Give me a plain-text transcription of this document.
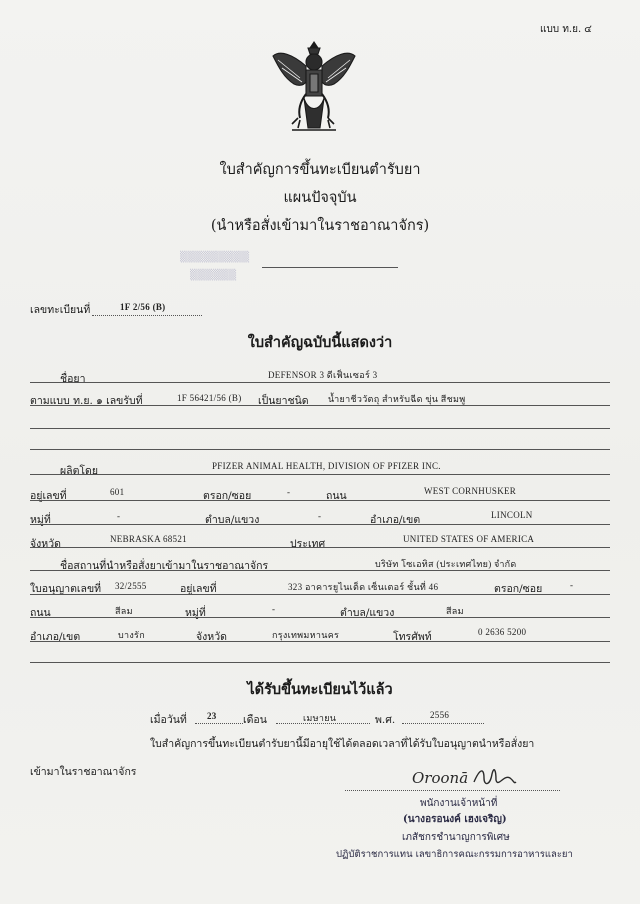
แบบ ท.ย. ๔
ใบสำคัญการขึ้นทะเบียนตำรับยา
แผนปัจจุบัน
(นำหรือสั่งเข้ามาในราชอาณาจักร)
▒▒▒▒▒▒▒▒▒
▒▒▒▒▒▒
เลขทะเบียนที่	1F 2/56 (B)
ใบสำคัญฉบับนี้แสดงว่า
ชื่อยา	DEFENSOR 3 ดีเฟ็นเซอร์ 3
ตามแบบ ท.ย. ๑ เลขรับที่	1F 56421/56 (B) เป็นยาชนิด น้ำยาชีววัตถุ สำหรับฉีด ขุ่น สีชมพู
ผลิตโดย	PFIZER ANIMAL HEALTH, DIVISION OF PFIZER INC.
อยู่เลขที่	601	ตรอก/ซอย	-	ถนน	WEST CORNHUSKER
หมู่ที่	-	ตำบล/แขวง	-	อำเภอ/เขต	LINCOLN
จังหวัด	NEBRASKA 68521	ประเทศ	UNITED STATES OF AMERICA
ชื่อสถานที่นำหรือสั่งยาเข้ามาในราชอาณาจักร	บริษัท โซเอทิส (ประเทศไทย) จำกัด
ใบอนุญาตเลขที่ 32/2555	อยู่เลขที่	323 อาคารยูไนเต็ด เซ็นเตอร์ ชั้นที่ 46	ตรอก/ซอย	-
ถนน	สีลม	หมู่ที่	-	ตำบล/แขวง	สีลม
อำเภอ/เขต	บางรัก	จังหวัด	กรุงเทพมหานคร	โทรศัพท์	0 2636 5200
ได้รับขึ้นทะเบียนไว้แล้ว
เมื่อวันที่ 23	เดือน	เมษายน	พ.ศ.	2556
ใบสำคัญการขึ้นทะเบียนตำรับยานี้มีอายุใช้ได้ตลอดเวลาที่ได้รับใบอนุญาตนำหรือสั่งยา
เข้ามาในราชอาณาจักร	Oroonā
พนักงานเจ้าหน้าที่
(นางอรอนงค์ เฮงเจริญ)
เภสัชกรชำนาญการพิเศษ
ปฏิบัติราชการแทน เลขาธิการคณะกรรมการอาหารและยา
